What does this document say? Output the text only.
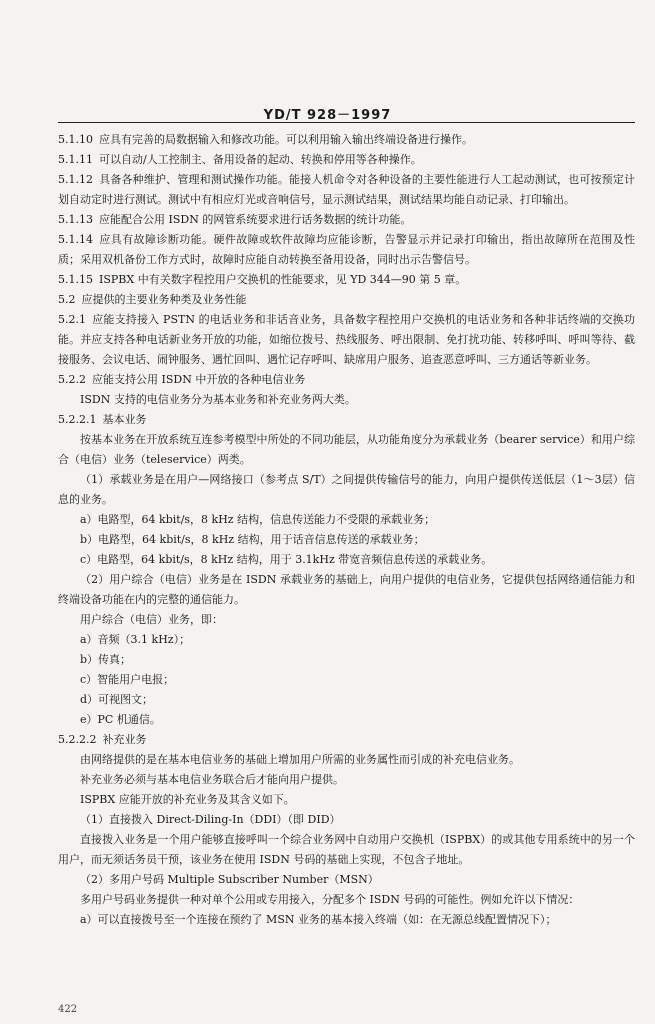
YD/T 928－1997

5.1.10 应具有完善的局数据输入和修改功能。可以利用输入输出终端设备进行操作。

5.1.11 可以自动/人工控制主、备用设备的起动、转换和停用等各种操作。

5.1.12 具备各种维护、管理和测试操作功能。能接人机命令对各种设备的主要性能进行人工起动测试，也可按预定计划自动定时进行测试。测试中有相应灯光或音响信号，显示测试结果，测试结果均能自动记录、打印输出。

5.1.13 应能配合公用 ISDN 的网管系统要求进行话务数据的统计功能。

5.1.14 应具有故障诊断功能。硬件故障或软件故障均应能诊断，告警显示并记录打印输出，指出故障所在范围及性质；采用双机备份工作方式时，故障时应能自动转换至备用设备，同时出示告警信号。

5.1.15 ISPBX 中有关数字程控用户交换机的性能要求，见 YD 344—90 第 5 章。

5.2 应提供的主要业务种类及业务性能

5.2.1 应能支持接入 PSTN 的电话业务和非话音业务，具备数字程控用户交换机的电话业务和各种非话终端的交换功能。并应支持各种电话新业务开放的功能，如缩位拨号、热线服务、呼出限制、免打扰功能、转移呼叫、呼叫等待、截接服务、会议电话、闹钟服务、遇忙回叫、遇忙记存呼叫、缺席用户服务、追查恶意呼叫、三方通话等新业务。

5.2.2 应能支持公用 ISDN 中开放的各种电信业务

ISDN 支持的电信业务分为基本业务和补充业务两大类。

5.2.2.1 基本业务

按基本业务在开放系统互连参考模型中所处的不同功能层，从功能角度分为承载业务（bearer service）和用户综合（电信）业务（teleservice）两类。

（1）承载业务是在用户—网络接口（参考点 S/T）之间提供传输信号的能力，向用户提供传送低层（1～3层）信息的业务。

a）电路型，64 kbit/s，8 kHz 结构，信息传送能力不受限的承载业务；

b）电路型，64 kbit/s，8 kHz 结构，用于话音信息传送的承载业务；

c）电路型，64 kbit/s，8 kHz 结构，用于 3.1kHz 带宽音频信息传送的承载业务。

（2）用户综合（电信）业务是在 ISDN 承载业务的基础上，向用户提供的电信业务，它提供包括网络通信能力和终端设备功能在内的完整的通信能力。

用户综合（电信）业务，即：

a）音频（3.1 kHz）；

b）传真；

c）智能用户电报；

d）可视图文；

e）PC 机通信。

5.2.2.2 补充业务

由网络提供的是在基本电信业务的基础上增加用户所需的业务属性而引成的补充电信业务。

补充业务必须与基本电信业务联合后才能向用户提供。

ISPBX 应能开放的补充业务及其含义如下。

（1）直接拨入 Direct-Diling-In（DDI）（即 DID）

直接拨入业务是一个用户能够直接呼叫一个综合业务网中自动用户交换机（ISPBX）的或其他专用系统中的另一个用户，而无须话务员干预，该业务在使用 ISDN 号码的基础上实现，不包含子地址。

（2）多用户号码 Multiple Subscriber Number（MSN）

多用户号码业务提供一种对单个公用或专用接入，分配多个 ISDN 号码的可能性。例如允许以下情况：

a）可以直接拨号至一个连接在预约了 MSN 业务的基本接入终端（如：在无源总线配置情况下）；

422
